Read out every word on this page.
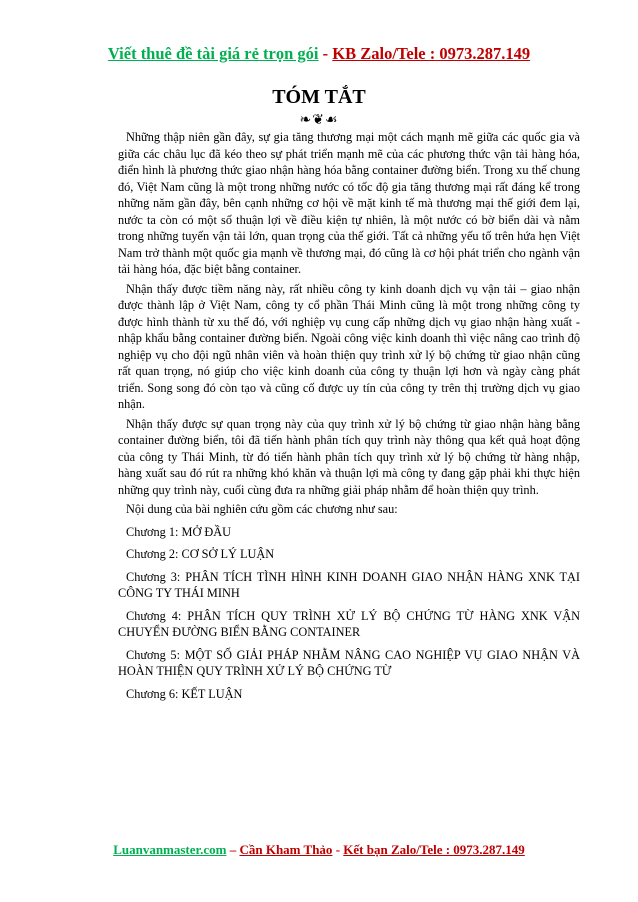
Viết thuê đề tài giá rẻ trọn gói - KB Zalo/Tele : 0973.287.149
TÓM TẮT
❧❦☙

Những thập niên gần đây, sự gia tăng thương mại một cách mạnh mẽ giữa các quốc gia và giữa các châu lục đã kéo theo sự phát triển mạnh mẽ của các phương thức vận tải hàng hóa, điển hình là phương thức giao nhận hàng hóa bằng container đường biển. Trong xu thế chung đó, Việt Nam cũng là một trong những nước có tốc độ gia tăng thương mại rất đáng kể trong những năm gần đây, bên cạnh những cơ hội về mặt kinh tế mà thương mại thế giới đem lại, nước ta còn có một số thuận lợi về điều kiện tự nhiên, là một nước có bờ biển dài và nằm trong những tuyến vận tải lớn, quan trọng của thế giới. Tất cả những yếu tố trên hứa hẹn Việt Nam trở thành một quốc gia mạnh về thương mại, đó cũng là cơ hội phát triển cho ngành vận tải hàng hóa, đặc biệt bằng container.

Nhận thấy được tiềm năng này, rất nhiều công ty kinh doanh dịch vụ vận tải – giao nhận được thành lập ở Việt Nam, công ty cổ phần Thái Minh cũng là một trong những công ty được hình thành từ xu thế đó, với nghiệp vụ cung cấp những dịch vụ giao nhận hàng xuất - nhập khẩu bằng container đường biển. Ngoài công việc kinh doanh thì việc nâng cao trình độ nghiệp vụ cho đội ngũ nhân viên và hoàn thiện quy trình xử lý bộ chứng từ giao nhận cũng rất quan trọng, nó giúp cho việc kinh doanh của công ty thuận lợi hơn và ngày càng phát triển. Song song đó còn tạo và cũng cố được uy tín của công ty trên thị trường dịch vụ giao nhận.

Nhận thấy được sự quan trọng này của quy trình xử lý bộ chứng từ giao nhận hàng bằng container đường biển, tôi đã tiến hành phân tích quy trình này thông qua kết quả hoạt động của công ty Thái Minh, từ đó tiến hành phân tích quy trình xử lý bộ chứng từ hàng nhập, hàng xuất sau đó rút ra những khó khăn và thuận lợi mà công ty đang gặp phải khi thực hiện những quy trình này, cuối cùng đưa ra những giải pháp nhằm để hoàn thiện quy trình.

Nội dung của bài nghiên cứu gồm các chương như sau:

Chương 1: MỞ ĐẦU

Chương 2: CƠ SỞ LÝ LUẬN

Chương 3: PHÂN TÍCH TÌNH HÌNH KINH DOANH GIAO NHẬN HÀNG XNK TẠI CÔNG TY THÁI MINH

Chương 4: PHÂN TÍCH QUY TRÌNH XỬ LÝ BỘ CHỨNG TỪ HÀNG XNK VẬN CHUYỂN ĐƯỜNG BIỂN BẰNG CONTAINER

Chương 5: MỘT SỐ GIẢI PHÁP NHẰM NÂNG CAO NGHIỆP VỤ GIAO NHẬN VÀ HOÀN THIỆN QUY TRÌNH XỬ LÝ BỘ CHỨNG TỪ

Chương 6: KẾT LUẬN

Luanvanmaster.com – Cần Kham Thảo - Kết bạn Zalo/Tele : 0973.287.149
